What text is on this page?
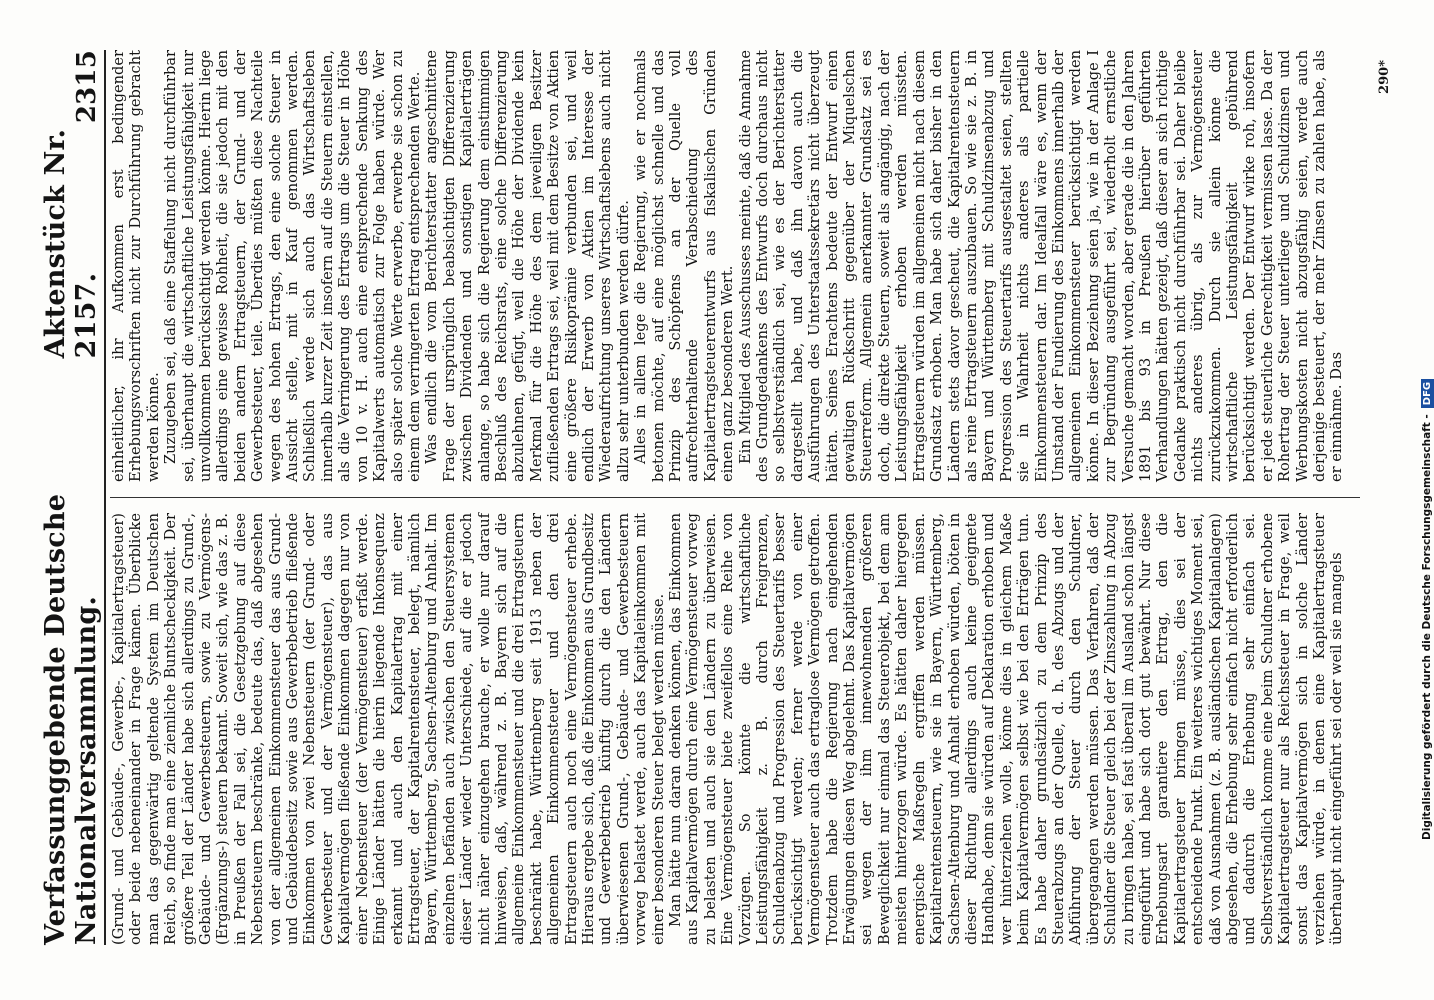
Verfassunggebende Deutsche Nationalversammlung.
Aktenstück Nr. 2157.
2315

(Grund- und Gebäude-, Gewerbe-, Kapitalertragsteuer) oder beide nebeneinander in Frage kämen. Überblicke man das gegenwärtig geltende System im Deutschen Reich, so finde man eine ziemliche Buntscheckigkeit. Der größere Teil der Länder habe sich allerdings zu Grund-, Gebäude- und Gewerbesteuern, sowie zu Vermögens- (Ergänzungs-) steuern bekannt. Soweit sich, wie das z. B. in Preußen der Fall sei, die Gesetzgebung auf diese Nebensteuern beschränke, bedeute das, daß abgesehen von der allgemeinen Einkommensteuer das aus Grund- und Gebäudebesitz sowie aus Gewerbebetrieb fließende Einkommen von zwei Nebensteuern (der Grund- oder Gewerbesteuer und der Vermögensteuer), das aus Kapitalvermögen fließende Einkommen dagegen nur von einer Nebensteuer (der Vermögensteuer) erfaßt werde. Einige Länder hätten die hierin liegende Inkonsequenz erkannt und auch den Kapitalertrag mit einer Ertragsteuer, der Kapitalrentensteuer, belegt, nämlich Bayern, Württemberg, Sachsen-Altenburg und Anhalt. Im einzelnen befänden auch zwischen den Steuersystemen dieser Länder wieder Unterschiede, auf die er jedoch nicht näher einzugehen brauche, er wolle nur darauf hinweisen, daß, während z. B. Bayern sich auf die allgemeine Einkommensteuer und die drei Ertragsteuern beschränkt habe, Württemberg seit 1913 neben der allgemeinen Einkommensteuer und den drei Ertragsteuern auch noch eine Vermögensteuer erhebe. Hieraus ergebe sich, daß die Einkommen aus Grundbesitz und Gewerbebetrieb künftig durch die den Ländern überwiesenen Grund-, Gebäude- und Gewerbesteuern vorweg belastet werde, auch das Kapitaleinkommen mit einer besonderen Steuer belegt werden müsse. Man hätte nun daran denken können, das Einkommen aus Kapitalvermögen durch eine Vermögensteuer vorweg zu belasten und auch sie den Ländern zu überweisen. Eine Vermögensteuer biete zweifellos eine Reihe von Vorzügen. So könnte die wirtschaftliche Leistungsfähigkeit z. B. durch Freigrenzen, Schuldenabzug und Progression des Steuertarifs besser berücksichtigt werden; ferner werde von einer Vermögensteuer auch das ertraglose Vermögen getroffen. Trotzdem habe die Regierung nach eingehenden Erwägungen diesen Weg abgelehnt. Das Kapitalvermögen sei wegen der ihm innewohnenden größeren Beweglichkeit nur einmal das Steuerobjekt, bei dem am meisten hinterzogen würde. Es hätten daher hiergegen energische Maßregeln ergriffen werden müssen. Kapitalrentensteuern, wie sie in Bayern, Württemberg, Sachsen-Altenburg und Anhalt erhoben würden, böten in dieser Richtung allerdings auch keine geeignete Handhabe, denn sie würden auf Deklaration erhoben und wer hinterziehen wolle, könne dies in gleichem Maße beim Kapitalvermögen selbst wie bei den Erträgen tun. Es habe daher grundsätzlich zu dem Prinzip des Steuerabzugs an der Quelle, d. h. des Abzugs und der Abführung der Steuer durch den Schuldner, übergegangen werden müssen. Das Verfahren, daß der Schuldner die Steuer gleich bei der Zinszahlung in Abzug zu bringen habe, sei fast überall im Ausland schon längst eingeführt und habe sich dort gut bewährt. Nur diese Erhebungsart garantiere den Ertrag, den die Kapitalertragsteuer bringen müsse, dies sei der entscheidende Punkt. Ein weiteres wichtiges Moment sei, daß von Ausnahmen (z. B. ausländischen Kapitalanlagen) abgesehen, die Erhebung sehr einfach nicht erforderlich und dadurch die Erhebung sehr einfach sei. Selbstverständlich komme eine beim Schuldner erhobene Kapitalertragsteuer nur als Reichssteuer in Frage, weil sonst das Kapitalvermögen sich in solche Länder verziehen würde, in denen eine Kapitalertragsteuer überhaupt nicht eingeführt sei oder weil sie mangels

einheitlicher, ihr Aufkommen erst bedingender Erhebungsvorschriften nicht zur Durchführung gebracht werden könne. Zuzugeben sei, daß eine Staffelung nicht durchführbar sei, überhaupt die wirtschaftliche Leistungsfähigkeit nur unvollkommen berücksichtigt werden könne. Hierin liege allerdings eine gewisse Rohheit, die sie jedoch mit den beiden andern Ertragsteuern, der Grund- und der Gewerbesteuer, teile. Überdies müßten diese Nachteile wegen des hohen Ertrags, den eine solche Steuer in Aussicht stelle, mit in Kauf genommen werden. Schließlich werde sich auch das Wirtschaftsleben innerhalb kurzer Zeit insofern auf die Steuern einstellen, als die Verringerung des Ertrags um die Steuer in Höhe von 10 v. H. auch eine entsprechende Senkung des Kapitalwerts automatisch zur Folge haben würde. Wer also später solche Werte erwerbe, erwerbe sie schon zu einem dem verringerten Ertrag entsprechenden Werte. Was endlich die vom Berichterstatter angeschnittene Frage der ursprünglich beabsichtigten Differenzierung zwischen Dividenden und sonstigen Kapitalerträgen anlange, so habe sich die Regierung dem einstimmigen Beschluß des Reichsrats, eine solche Differenzierung abzulehnen, gefügt, weil die Höhe der Dividende kein Merkmal für die Höhe des dem jeweiligen Besitzer zufließenden Ertrags sei, weil mit dem Besitze von Aktien eine größere Risikoprämie verbunden sei, und weil endlich der Erwerb von Aktien im Interesse der Wiederaufrichtung unseres Wirtschaftslebens auch nicht allzu sehr unterbunden werden dürfe. Alles in allem lege die Regierung, wie er nochmals betonen möchte, auf eine möglichst schnelle und das Prinzip des Schöpfens an der Quelle voll aufrechterhaltende Verabschiedung des Kapitalertragsteuerentwurfs aus fiskalischen Gründen einen ganz besonderen Wert. Ein Mitglied des Ausschusses meinte, daß die Annahme des Grundgedankens des Entwurfs doch durchaus nicht so selbstverständlich sei, wie es der Berichterstatter dargestellt habe, und daß ihn davon auch die Ausführungen des Unterstaatssekretärs nicht überzeugt hätten. Seines Erachtens bedeute der Entwurf einen gewaltigen Rückschritt gegenüber der Miquelschen Steuerreform. Allgemein anerkannter Grundsatz sei es doch, die direkte Steuern, soweit als angängig, nach der Leistungsfähigkeit erhoben werden müssten. Ertragsteuern würden im allgemeinen nicht nach diesem Grundsatz erhoben. Man habe sich daher bisher in den Ländern stets davor gescheut, die Kapitalrentensteuern als reine Ertragsteuern auszubauen. So wie sie z. B. in Bayern und Württemberg mit Schuldzinsenabzug und Progression des Steuertarifs ausgestaltet seien, stellten sie in Wahrheit nichts anderes als partielle Einkommensteuern dar. Im Idealfall wäre es, wenn der Umstand der Fundierung des Einkommens innerhalb der allgemeinen Einkommensteuer berücksichtigt werden könne. In dieser Beziehung seien ja, wie in der Anlage I zur Begründung ausgeführt sei, wiederholt ernstliche Versuche gemacht worden, aber gerade die in den Jahren 1891 bis 93 in Preußen hierüber geführten Verhandlungen hätten gezeigt, daß dieser an sich richtige Gedanke praktisch nicht durchführbar sei. Daher bleibe nichts anderes übrig, als zur Vermögensteuer zurückzukommen. Durch sie allein könne die wirtschaftliche Leistungsfähigkeit gebührend berücksichtigt werden. Der Entwurf wirke roh, insofern er jede steuerliche Gerechtigkeit vermissen lasse. Da der Rohertrag der Steuer unterliege und Schuldzinsen und Werbungskosten nicht abzugsfähig seien, werde auch derjenige besteuert, der mehr Zinsen zu zahlen habe, als er einnähme. Das

290*
Digitalisierung gefördert durch die Deutsche Forschungsgemeinschaft -
DFG
